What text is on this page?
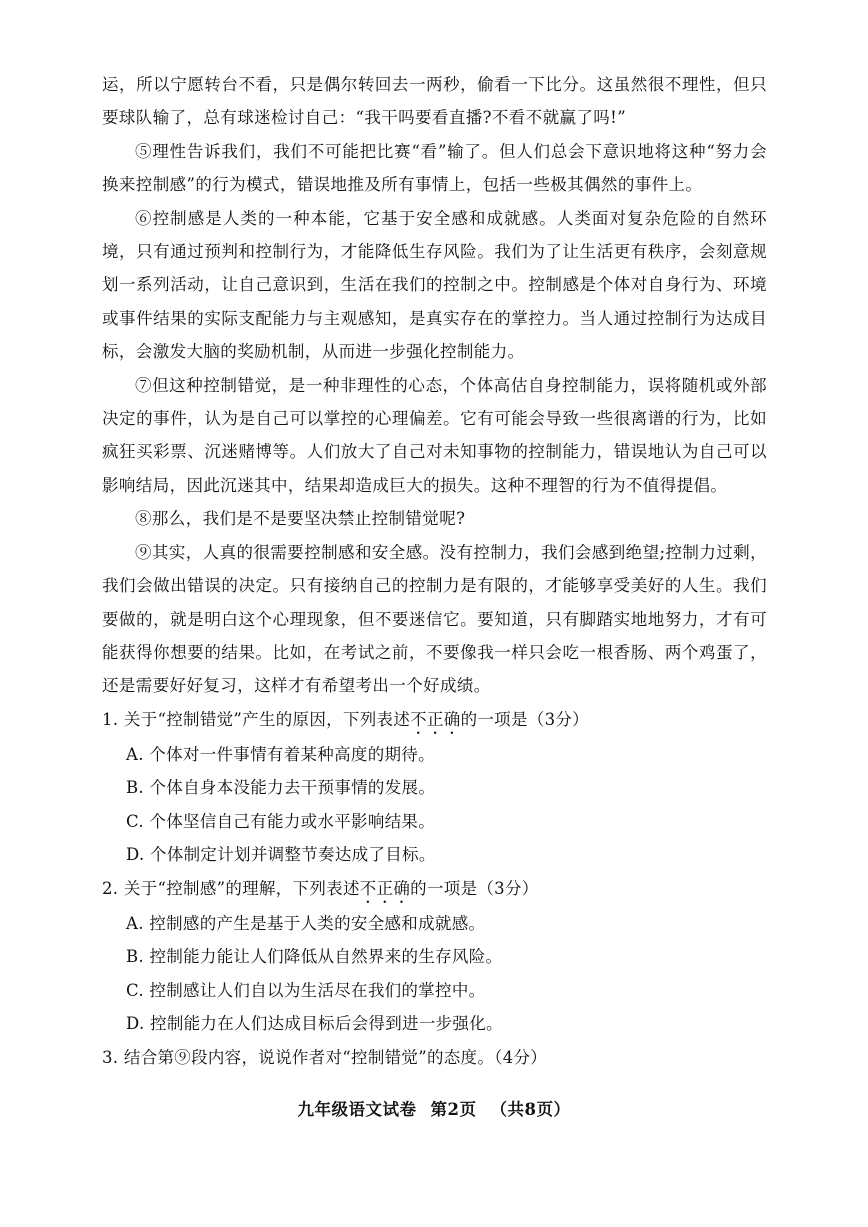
运，所以宁愿转台不看，只是偶尔转回去一两秒，偷看一下比分。这虽然很不理性，但只要球队输了，总有球迷检讨自己：“我干吗要看直播?不看不就赢了吗!”

⑤理性告诉我们，我们不可能把比赛“看”输了。但人们总会下意识地将这种“努力会换来控制感”的行为模式，错误地推及所有事情上，包括一些极其偶然的事件上。

⑥控制感是人类的一种本能，它基于安全感和成就感。人类面对复杂危险的自然环境，只有通过预判和控制行为，才能降低生存风险。我们为了让生活更有秩序，会刻意规划一系列活动，让自己意识到，生活在我们的控制之中。控制感是个体对自身行为、环境或事件结果的实际支配能力与主观感知，是真实存在的掌控力。当人通过控制行为达成目标，会激发大脑的奖励机制，从而进一步强化控制能力。

⑦但这种控制错觉，是一种非理性的心态，个体高估自身控制能力，误将随机或外部决定的事件，认为是自己可以掌控的心理偏差。它有可能会导致一些很离谱的行为，比如疯狂买彩票、沉迷赌博等。人们放大了自己对未知事物的控制能力，错误地认为自己可以影响结局，因此沉迷其中，结果却造成巨大的损失。这种不理智的行为不值得提倡。

⑧那么，我们是不是要坚决禁止控制错觉呢?

⑨其实，人真的很需要控制感和安全感。没有控制力，我们会感到绝望;控制力过剩，我们会做出错误的决定。只有接纳自己的控制力是有限的，才能够享受美好的人生。我们要做的，就是明白这个心理现象，但不要迷信它。要知道，只有脚踏实地地努力，才有可能获得你想要的结果。比如，在考试之前，不要像我一样只会吃一根香肠、两个鸡蛋了，还是需要好好复习，这样才有希望考出一个好成绩。

1. 关于“控制错觉”产生的原因，下列表述不正确的一项是（3分）

A. 个体对一件事情有着某种高度的期待。

B. 个体自身本没能力去干预事情的发展。

C. 个体坚信自己有能力或水平影响结果。

D. 个体制定计划并调整节奏达成了目标。

2. 关于“控制感”的理解，下列表述不正确的一项是（3分）

A. 控制感的产生是基于人类的安全感和成就感。

B. 控制能力能让人们降低从自然界来的生存风险。

C. 控制感让人们自以为生活尽在我们的掌控中。

D. 控制能力在人们达成目标后会得到进一步强化。

3. 结合第⑨段内容，说说作者对“控制错觉”的态度。（4分）

九年级语文试卷 第2页 （共8页）
